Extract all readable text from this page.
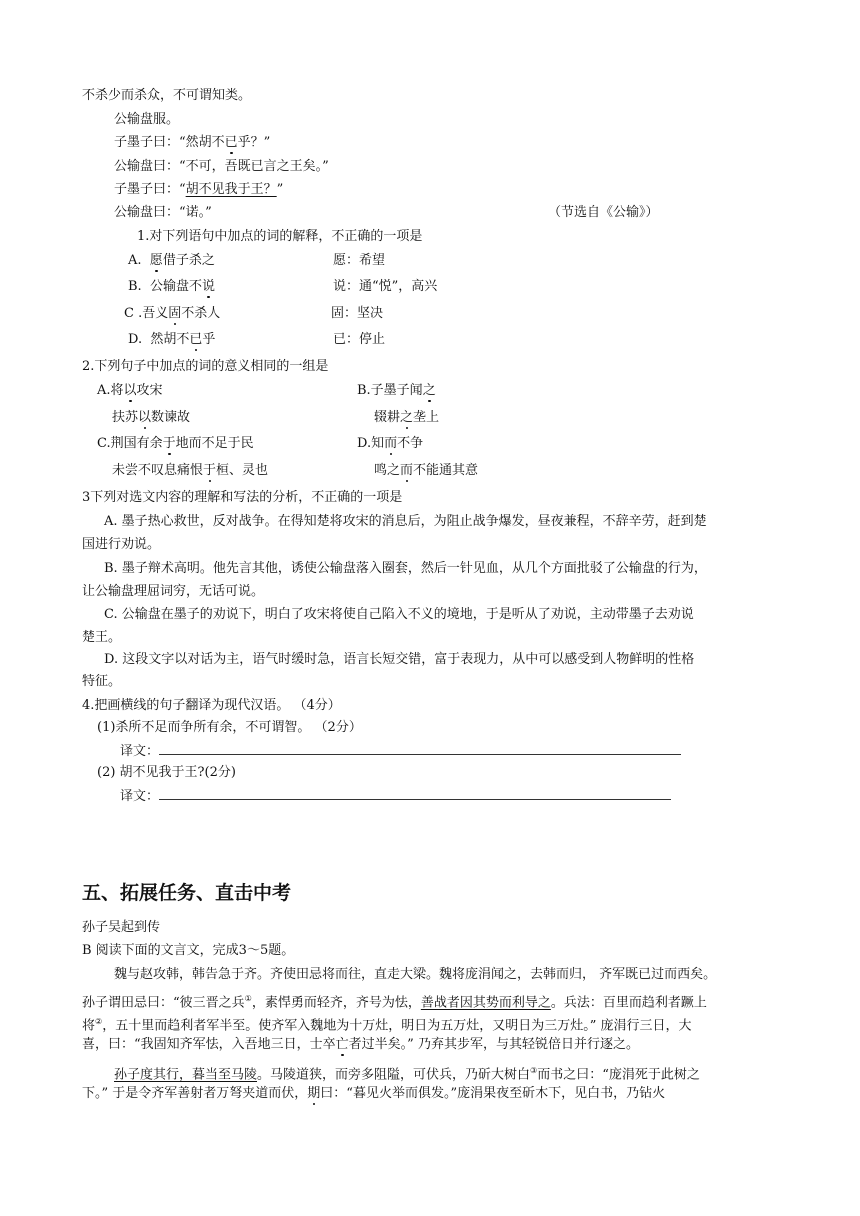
不杀少而杀众，不可谓知类。
公输盘服。
子墨子曰：“然胡不已乎？”
公输盘曰：“不可，吾既已言之王矣。”
子墨子曰：“胡不见我于王？”
公输盘曰：“诺。”	（节选自《公输》）
1.对下列语句中加点的词的解释，不正确的一项是
A. 愿借子杀之	愿：希望
B. 公输盘不说	说：通“悦”，高兴
C .吾义固不杀人	固：坚决
D. 然胡不已乎	已：停止
2.下列句子中加点的词的意义相同的一组是
A.将以攻宋	B.子墨子闻之
扶苏以数谏故	辍耕之垄上
C.荆国有余于地而不足于民	D.知而不争
未尝不叹息痛恨于桓、灵也	鸣之而不能通其意
3下列对选文内容的理解和写法的分析，不正确的一项是
A. 墨子热心救世，反对战争。在得知楚将攻宋的消息后，为阻止战争爆发，昼夜兼程，不辞辛劳，赶到楚
国进行劝说。
B. 墨子辩术高明。他先言其他，诱使公输盘落入圈套，然后一针见血，从几个方面批驳了公输盘的行为，
让公输盘理屈词穷，无话可说。
C. 公输盘在墨子的劝说下，明白了攻宋将使自己陷入不义的境地，于是听从了劝说，主动带墨子去劝说
楚王。
D. 这段文字以对话为主，语气时缓时急，语言长短交错，富于表现力，从中可以感受到人物鲜明的性格
特征。
4.把画横线的句子翻译为现代汉语。 （4分）
(1)杀所不足而争所有余，不可谓智。 （2分）
译文：
(2) 胡不见我于王?(2分)
译文：
五、拓展任务、直击中考
孙子吴起到传
B 阅读下面的文言文，完成3～5题。
魏与赵攻韩，韩告急于齐。齐使田忌将而往，直走大梁。魏将庞涓闻之，去韩而归， 齐军既已过而西矣。
孙子谓田忌曰：“彼三晋之兵①，素悍勇而轻齐，齐号为怯，善战者因其势而利导之。兵法：百里而趋利者蹶上
将②，五十里而趋利者军半至。使齐军入魏地为十万灶，明日为五万灶，又明日为三万灶。” 庞涓行三日，大
喜，曰：“我固知齐军怯，入吾地三日，士卒亡者过半矣。” 乃弃其步军，与其轻锐倍日并行逐之。
孙子度其行，暮当至马陵。马陵道狭，而旁多阻隘，可伏兵，乃斫大树白③而书之曰：“庞涓死于此树之
下。” 于是令齐军善射者万弩夹道而伏，期曰：“暮见火举而俱发。”庞涓果夜至斫木下，见白书，乃钻火
